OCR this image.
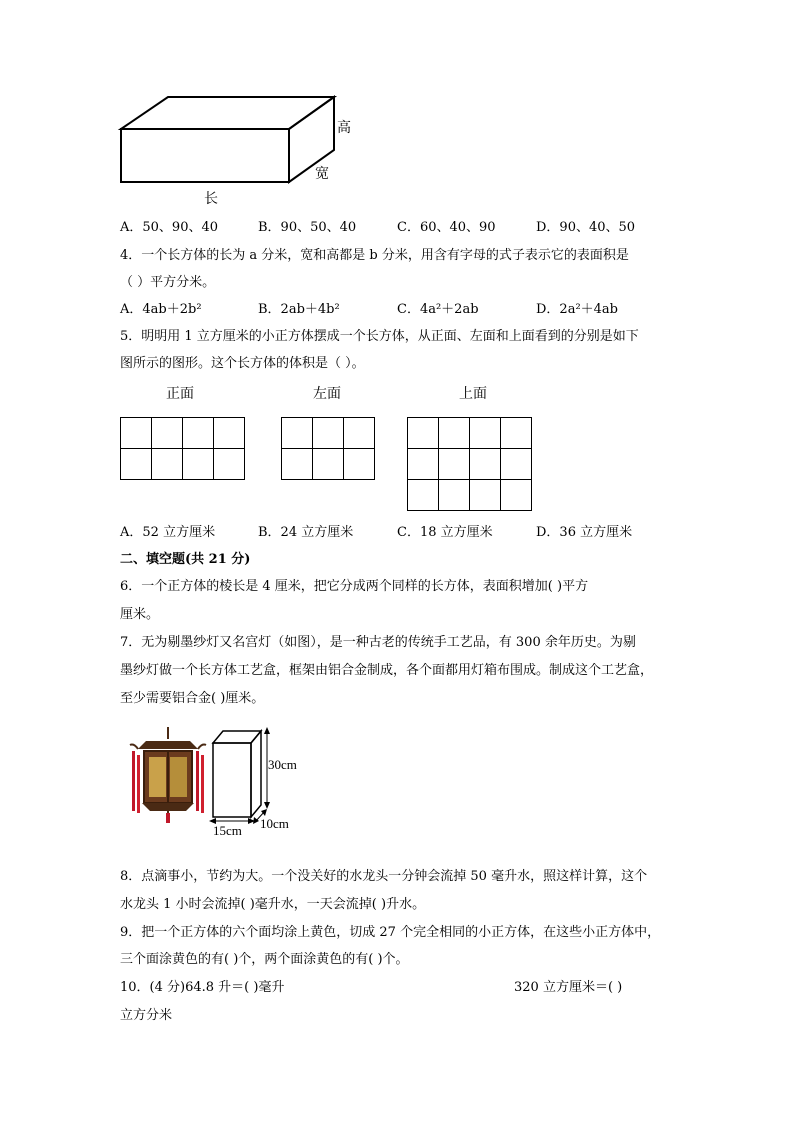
高
宽
长
A．50、90、40	B．90、50、40	C．60、40、90	D．90、40、50
4．一个长方体的长为 a 分米，宽和高都是 b 分米，用含有字母的式子表示它的表面积是
（ ）平方分米。
A．4ab＋2b²	B．2ab＋4b²	C．4a²＋2ab	D．2a²＋4ab
5．明明用 1 立方厘米的小正方体摆成一个长方体，从正面、左面和上面看到的分别是如下
图所示的图形。这个长方体的体积是（ ）。
正面	左面	上面
A．52 立方厘米	B．24 立方厘米	C．18 立方厘米	D．36 立方厘米
二、填空题(共 21 分)
6．一个正方体的棱长是 4 厘米，把它分成两个同样的长方体，表面积增加( )平方
厘米。
7．无为剔墨纱灯又名宫灯（如图），是一种古老的传统手工艺品，有 300 余年历史。为剔
墨纱灯做一个长方体工艺盒，框架由铝合金制成，各个面都用灯箱布围成。制成这个工艺盒，
至少需要铝合金( )厘米。
30cm
15cm 10cm
8．点滴事小，节约为大。一个没关好的水龙头一分钟会流掉 50 毫升水，照这样计算，这个
水龙头 1 小时会流掉( )毫升水，一天会流掉( )升水。
9．把一个正方体的六个面均涂上黄色，切成 27 个完全相同的小正方体，在这些小正方体中，
三个面涂黄色的有( )个，两个面涂黄色的有( )个。
10．(4 分)64.8 升＝( )毫升	320 立方厘米＝( )
立方分米
